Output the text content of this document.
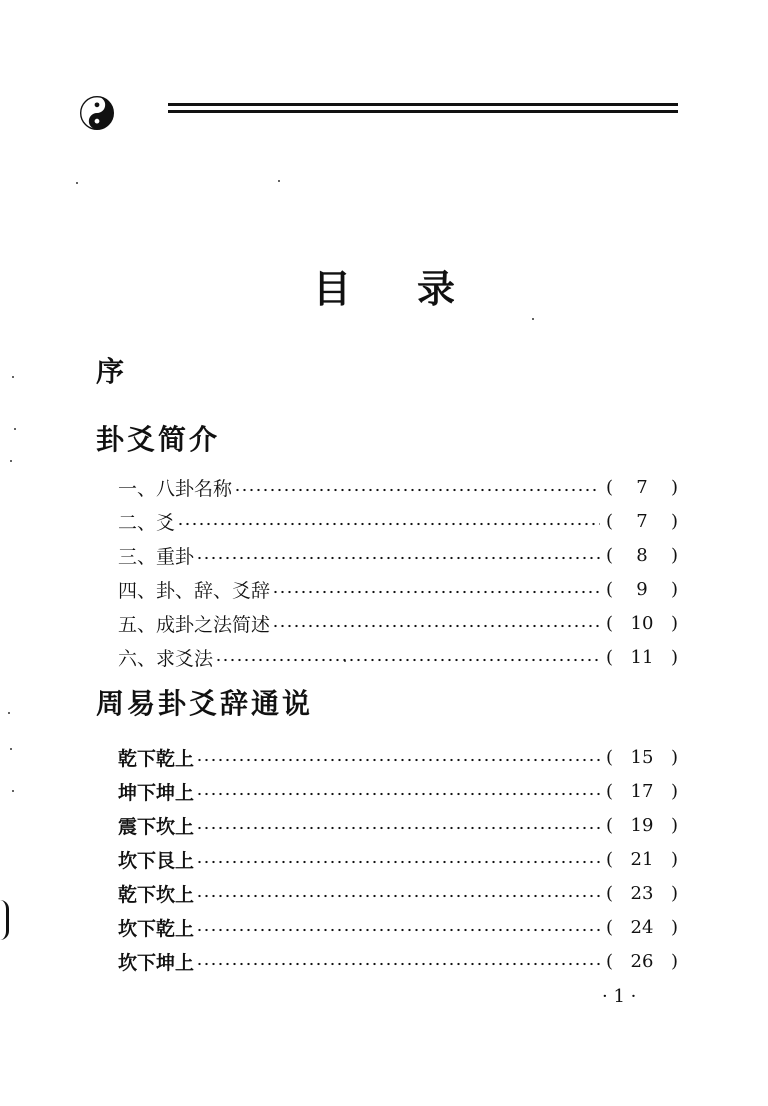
目录
序
卦爻简介
一、八卦名称	(	7	)
二、爻	(	7	)
三、重卦	(	8	)
四、卦、辞、爻辞	(	9	)
五、成卦之法简述	( 10 )
六、求爻法	( 11 )
周易卦爻辞通说
乾下乾上	( 15 )
坤下坤上	( 17 )
震下坎上	( 19 )
坎下艮上	( 21 )
乾下坎上	( 23 )
坎下乾上	( 24 )
坎下坤上	( 26 )
· 1 ·
